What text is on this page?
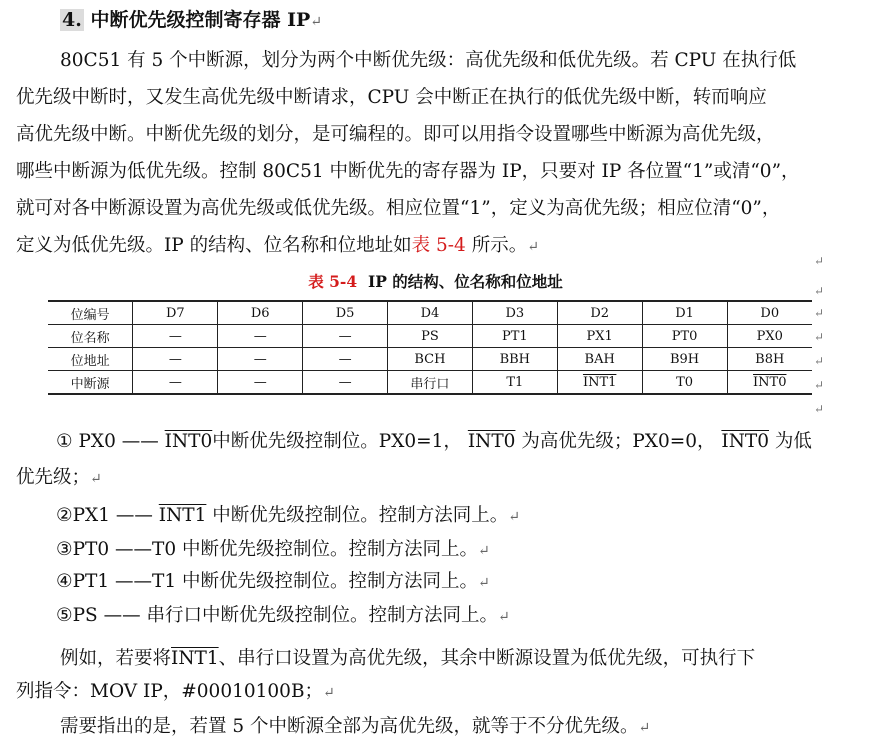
4. 中断优先级控制寄存器 IP↵
80C51 有 5 个中断源，划分为两个中断优先级：高优先级和低优先级。若 CPU 在执行低
优先级中断时，又发生高优先级中断请求，CPU 会中断正在执行的低优先级中断，转而响应
高优先级中断。中断优先级的划分，是可编程的。即可以用指令设置哪些中断源为高优先级，
哪些中断源为低优先级。控制 80C51 中断优先的寄存器为 IP，只要对 IP 各位置“1”或清“0”，
就可对各中断源设置为高优先级或低优先级。相应位置“1”，定义为高优先级；相应位清“0”，
定义为低优先级。IP 的结构、位名称和位地址如表 5-4 所示。↵
表 5-4 IP 的结构、位名称和位地址
↵
↵
位编号	D7	D6	D5	D4	D3	D2	D1	D0
位名称	—	—	—	PS	PT1	PX1	PT0	PX0
位地址	—	—	—	BCH	BBH	BAH	B9H	B8H
中断源	—	—	—	串行口	T1	INT1	T0	INT0
↵
↵
↵
↵
↵
① PX0 —— INT0中断优先级控制位。PX0=1， INT0 为高优先级；PX0=0， INT0 为低
优先级；↵
②PX1 —— INT1 中断优先级控制位。控制方法同上。↵
③PT0 ——T0 中断优先级控制位。控制方法同上。↵
④PT1 ——T1 中断优先级控制位。控制方法同上。↵
⑤PS —— 串行口中断优先级控制位。控制方法同上。↵
例如，若要将INT1、串行口设置为高优先级，其余中断源设置为低优先级，可执行下
列指令：MOV IP，#00010100B；↵
需要指出的是，若置 5 个中断源全部为高优先级，就等于不分优先级。↵
